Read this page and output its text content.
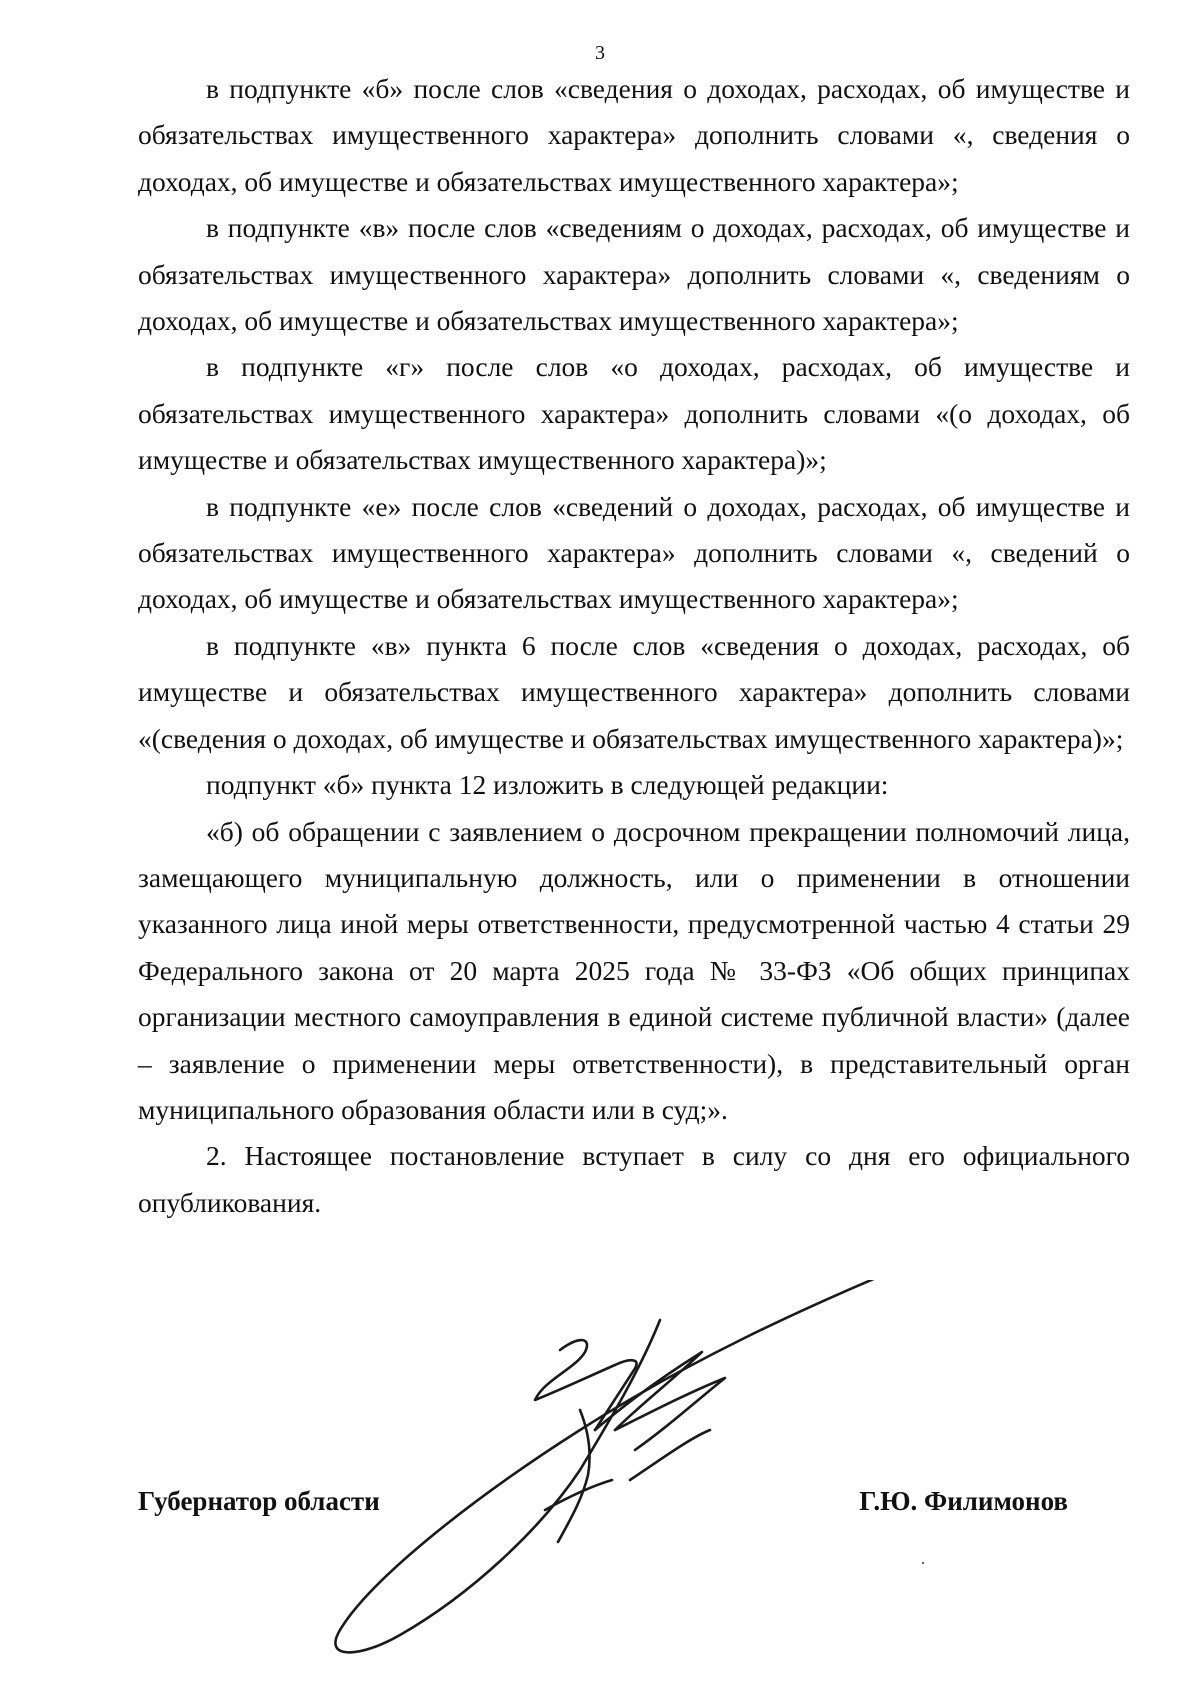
3

в подпункте «б» после слов «сведения о доходах, расходах, об имуществе и обязательствах имущественного характера» дополнить словами «, сведения о доходах, об имуществе и обязательствах имущественного характера»;

в подпункте «в» после слов «сведениям о доходах, расходах, об имуществе и обязательствах имущественного характера» дополнить словами «, сведениям о доходах, об имуществе и обязательствах имущественного характера»;

в подпункте «г» после слов «о доходах, расходах, об имуществе и обязательствах имущественного характера» дополнить словами «(о доходах, об имуществе и обязательствах имущественного характера)»;

в подпункте «е» после слов «сведений о доходах, расходах, об имуществе и обязательствах имущественного характера» дополнить словами «, сведений о доходах, об имуществе и обязательствах имущественного характера»;

в подпункте «в» пункта 6 после слов «сведения о доходах, расходах, об имуществе и обязательствах имущественного характера» дополнить словами «(сведения о доходах, об имуществе и обязательствах имущественного характера)»;

подпункт «б» пункта 12 изложить в следующей редакции:

«б) об обращении с заявлением о досрочном прекращении полномочий лица, замещающего муниципальную должность, или о применении в отношении указанного лица иной меры ответственности, предусмотренной частью 4 статьи 29 Федерального закона от 20 марта 2025 года № 33-ФЗ «Об общих принципах организации местного самоуправления в единой системе публичной власти» (далее – заявление о применении меры ответственности), в представительный орган муниципального образования области или в суд;».

2. Настоящее постановление вступает в силу со дня его официального опубликования.

Губернатор области	Г.Ю. Филимонов
